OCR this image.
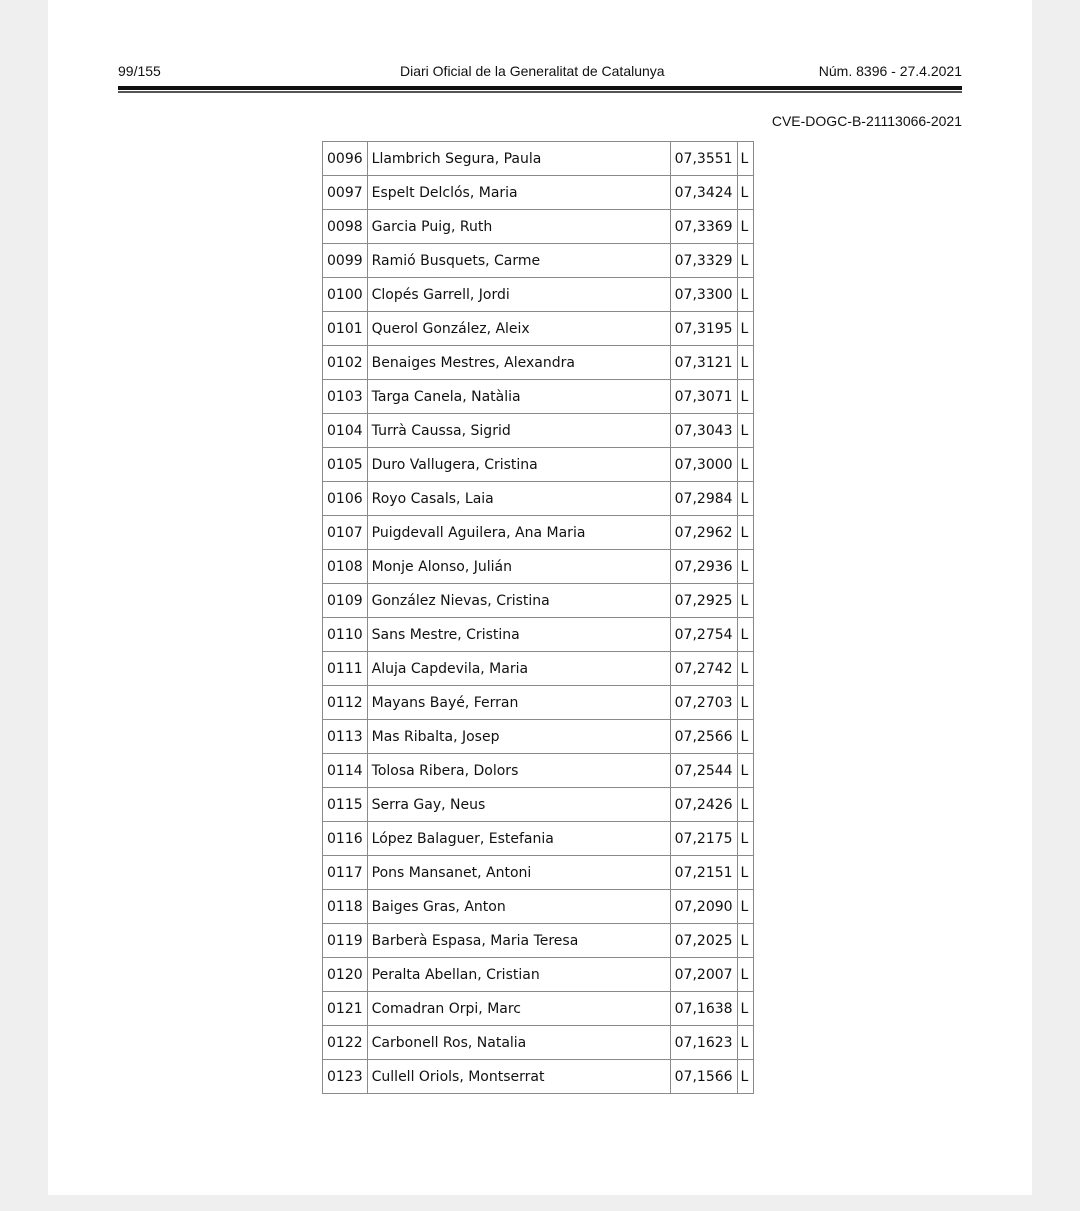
99/155	Diari Oficial de la Generalitat de Catalunya	Núm. 8396 - 27.4.2021
CVE-DOGC-B-21113066-2021
0096	Llambrich Segura, Paula	07,3551	L
0097	Espelt Delclós, Maria	07,3424	L
0098	Garcia Puig, Ruth	07,3369	L
0099	Ramió Busquets, Carme	07,3329	L
0100	Clopés Garrell, Jordi	07,3300	L
0101	Querol González, Aleix	07,3195	L
0102	Benaiges Mestres, Alexandra	07,3121	L
0103	Targa Canela, Natàlia	07,3071	L
0104	Turrà Caussa, Sigrid	07,3043	L
0105	Duro Vallugera, Cristina	07,3000	L
0106	Royo Casals, Laia	07,2984	L
0107	Puigdevall Aguilera, Ana Maria	07,2962	L
0108	Monje Alonso, Julián	07,2936	L
0109	González Nievas, Cristina	07,2925	L
0110	Sans Mestre, Cristina	07,2754	L
0111	Aluja Capdevila, Maria	07,2742	L
0112	Mayans Bayé, Ferran	07,2703	L
0113	Mas Ribalta, Josep	07,2566	L
0114	Tolosa Ribera, Dolors	07,2544	L
0115	Serra Gay, Neus	07,2426	L
0116	López Balaguer, Estefania	07,2175	L
0117	Pons Mansanet, Antoni	07,2151	L
0118	Baiges Gras, Anton	07,2090	L
0119	Barberà Espasa, Maria Teresa	07,2025	L
0120	Peralta Abellan, Cristian	07,2007	L
0121	Comadran Orpi, Marc	07,1638	L
0122	Carbonell Ros, Natalia	07,1623	L
0123	Cullell Oriols, Montserrat	07,1566	L
